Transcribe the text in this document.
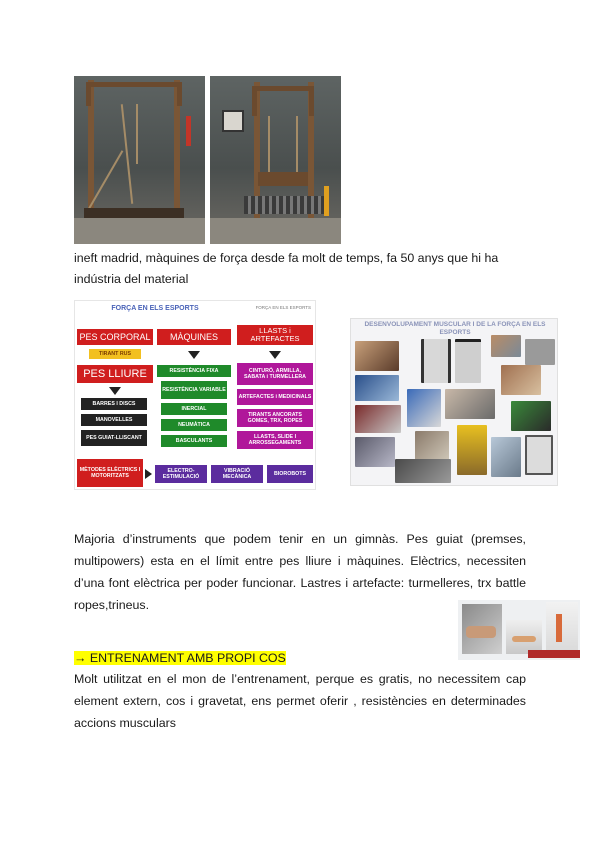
ineft madrid, màquines de força desde fa molt de temps, fa 50 anys que hi ha
indústria del material
FORÇA EN ELS ESPORTS	FORÇA EN ELS ESPORTS
PES CORPORAL
TIRANT RUS
PES LLIURE
BARRES I DISCS
MANOVELLES
PES GUIAT-LLISCANT
MÀQUINES
RESISTÈNCIA FIXA
RESISTÈNCIA VARIABLE
INERCIAL
NEUMÀTICA
BASCULANTS
LLASTS i ARTEFACTES
CINTURÓ, ARMILLA, SABATA i TURMELLERA
ARTEFACTES i MEDICINALS
TIRANTS ANCORATS GOMES, TRX, ROPES
LLASTS, SLIDE I ARROSSEGAMENTS
MÈTODES ELÈCTRICS I MOTORITZATS
ELECTRO-ESTIMULACIÓ
VIBRACIÓ MECÀNICA	BIOROBOTS
DESENVOLUPAMENT MUSCULAR I DE LA FORÇA EN ELS ESPORTS
Majoria d’instruments que podem tenir en un gimnàs. Pes guiat (premses, multipowers) esta en el límit entre pes lliure i màquines. Elèctrics, necessiten d’una font elèctrica per poder funcionar. Lastres i artefacte: turmelleres, trx battle ropes,trineus.
→ ENTRENAMENT AMB PROPI COS
Molt utilitzat en el mon de l’entrenament, perque es gratis, no necessitem cap element extern, cos i gravetat, ens permet oferir , resistències en determinades accions musculars
